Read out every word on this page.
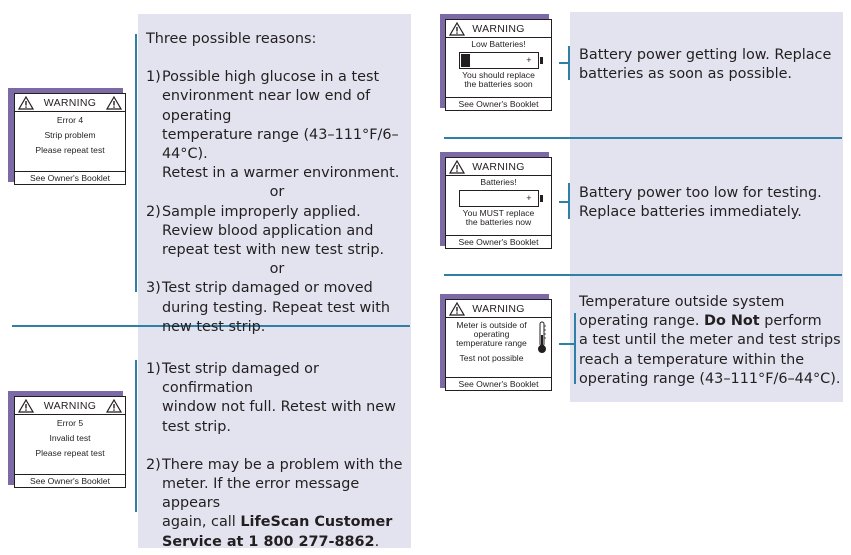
WARNING
Error 4
Strip problem
Please repeat test
See Owner's Booklet

Three possible reasons:

1) Possible high glucose in a test

environment near low end of operating

temperature range (43–111°F/6–44°C).

Retest in a warmer environment.

or

2) Sample improperly applied.

Review blood application and

repeat test with new test strip.

or

3) Test strip damaged or moved

during testing. Repeat test with

new test strip.

WARNING
Error 5
Invalid test
Please repeat test
See Owner's Booklet
1) Test strip damaged or confirmation

window not full. Retest with new

test strip.

2) There may be a problem with the

meter. If the error message appears

again, call LifeScan Customer

Service at 1 800 277-8862.

WARNING
Low Batteries!
+
You should replace
the batteries soon
See Owner's Booklet

Battery power getting low. Replace

batteries as soon as possible.

WARNING
Batteries!
+
You MUST replace
the batteries now
See Owner's Booklet

Battery power too low for testing.

Replace batteries immediately.

WARNING
Meter is outside of
operating
temperature range
Test not possible
See Owner's Booklet

Temperature outside system

operating range. Do Not perform

a test until the meter and test strips

reach a temperature within the

operating range (43–111°F/6–44°C).
